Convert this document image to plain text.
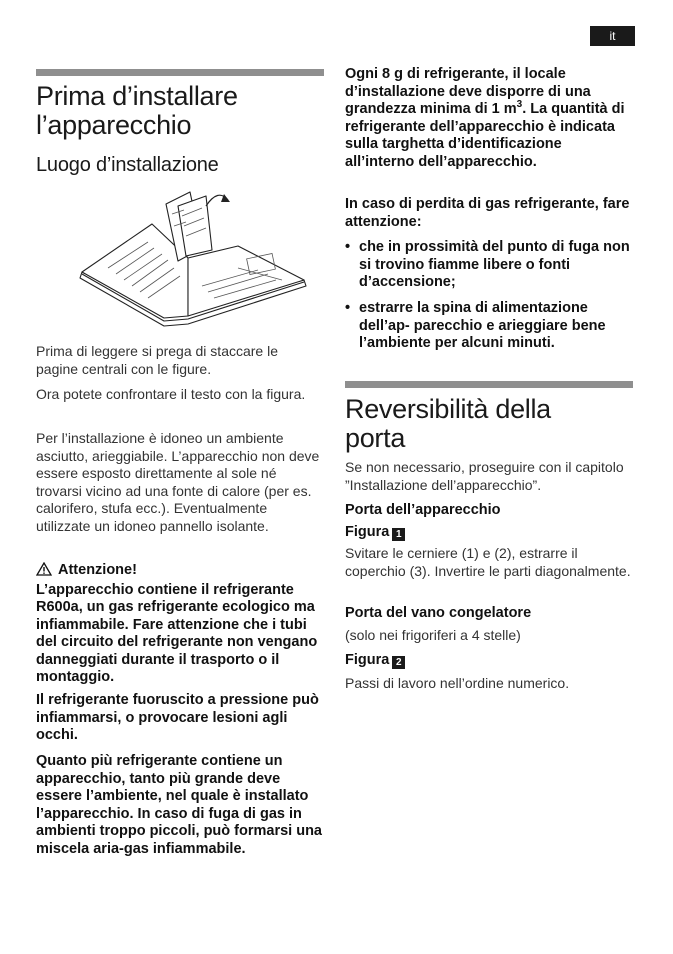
it
Prima d’installare
l’apparecchio
Luogo d’installazione

Prima di leggere si prega di staccare le pagine centrali con le figure.

Ora potete confrontare il testo con la figura.

Per l’installazione è idoneo un ambiente asciutto, arieggiabile. L’apparecchio non deve essere esposto direttamente al sole né trovarsi vicino ad una fonte di calore (per es. calorifero, stufa ecc.). Eventualmente utilizzate un idoneo pannello isolante.

Attenzione!
L’apparecchio contiene il refrigerante R600a, un gas refrigerante ecologico ma infiammabile. Fare attenzione che i tubi del circuito del refrigerante non vengano danneggiati durante il trasporto o il montaggio.

Il refrigerante fuoruscito a pressione può infiammarsi, o provocare lesioni agli occhi.

Quanto più refrigerante contiene un apparecchio, tanto più grande deve essere l’ambiente, nel quale è installato l’apparecchio. In caso di fuga di gas in ambienti troppo piccoli, può formarsi una miscela aria-gas infiammabile.

Ogni 8 g di refrigerante, il locale d’installazione deve disporre di una grandezza minima di 1 $m^3$. La quantità di refrigerante dell’apparecchio è indicata sulla targhetta d’identificazione all’interno dell’apparecchio.

In caso di perdita di gas refrigerante, fare attenzione:

• che in prossimità del punto di fuga non si trovino fiamme libere o fonti d’accensione;
• estrarre la spina di alimentazione dell’ap- parecchio e arieggiare bene l’ambiente per alcuni minuti.
Reversibilità della
porta

Se non necessario, proseguire con il capitolo ”Installazione dell’apparecchio”.

Porta dell’apparecchio

Figura 1

Svitare le cerniere (1) e (2), estrarre il coperchio (3). Invertire le parti diagonalmente.

Porta del vano congelatore

(solo nei frigoriferi a 4 stelle)

Figura 2

Passi di lavoro nell’ordine numerico.
